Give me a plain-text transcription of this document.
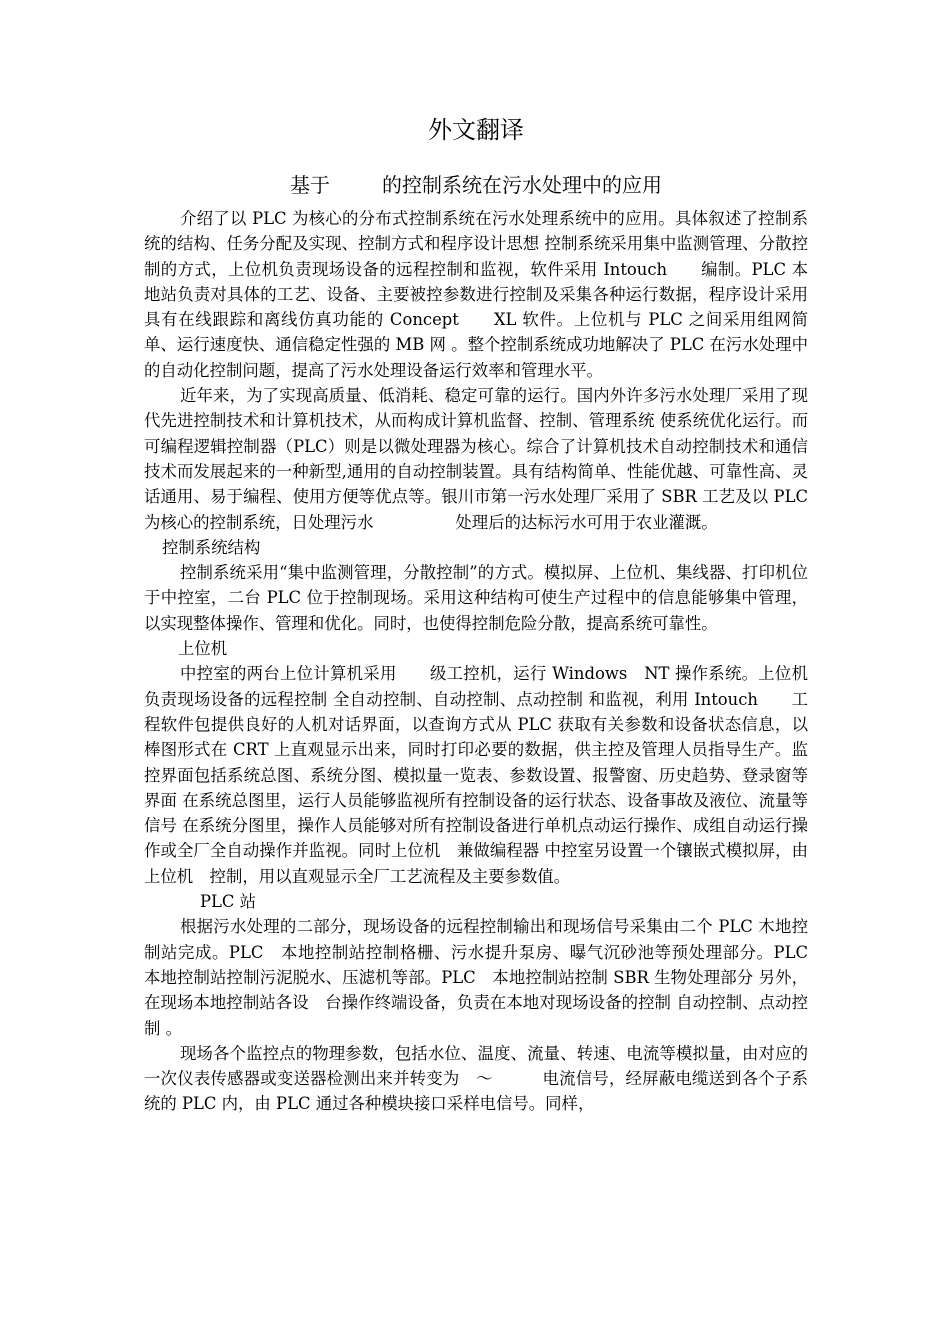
外文翻译
基于	的控制系统在污水处理中的应用

介绍了以 PLC 为核心的分布式控制系统在污水处理系统中的应用。具体叙述了控制系统的结构、任务分配及实现、控制方式和程序设计思想 控制系统采用集中监测管理、分散控制的方式，上位机负责现场设备的远程控制和监视，软件采用 Intouch　　编制。PLC 本地站负责对具体的工艺、设备、主要被控参数进行控制及采集各种运行数据，程序设计采用具有在线跟踪和离线仿真功能的 Concept　　XL 软件。上位机与 PLC 之间采用组网简单、运行速度快、通信稳定性强的 MB 网 。整个控制系统成功地解决了 PLC 在污水处理中的自动化控制问题，提高了污水处理设备运行效率和管理水平。

近年来，为了实现高质量、低消耗、稳定可靠的运行。国内外许多污水处理厂采用了现代先进控制技术和计算机技术，从而构成计算机监督、控制、管理系统 使系统优化运行。而可编程逻辑控制器（PLC）则是以微处理器为核心。综合了计算机技术自动控制技术和通信技术而发展起来的一种新型,通用的自动控制装置。具有结构简单、性能优越、可靠性高、灵话通用、易于编程、使用方便等优点等。银川市第一污水处理厂采用了 SBR 工艺及以 PLC 为核心的控制系统，日处理污水　　　　　处理后的达标污水可用于农业灌溉。

控制系统结构

控制系统采用“集中监测管理，分散控制”的方式。模拟屏、上位机、集线器、打印机位于中控室，二台 PLC 位于控制现场。采用这种结构可使生产过程中的信息能够集中管理，以实现整体操作、管理和优化。同时，也使得控制危险分散，提高系统可靠性。

上位机

中控室的两台上位计算机采用　　级工控机，运行 Windows　NT 操作系统。上位机负责现场设备的远程控制 全自动控制、自动控制、点动控制 和监视，利用 Intouch　　工程软件包提供良好的人机对话界面，以查询方式从 PLC 获取有关参数和设备状态信息，以棒图形式在 CRT 上直观显示出来，同时打印必要的数据，供主控及管理人员指导生产。监控界面包括系统总图、系统分图、模拟量一览表、参数设置、报警窗、历史趋势、登录窗等界面 在系统总图里，运行人员能够监视所有控制设备的运行状态、设备事故及液位、流量等信号 在系统分图里，操作人员能够对所有控制设备进行单机点动运行操作、成组自动运行操作或全厂全自动操作并监视。同时上位机　兼做编程器 中控室另设置一个镶嵌式模拟屏，由上位机　控制，用以直观显示全厂工艺流程及主要参数值。

PLC 站

根据污水处理的二部分，现场设备的远程控制输出和现场信号采集由二个 PLC 木地控制站完成。PLC　本地控制站控制格栅、污水提升泵房、曝气沉砂池等预处理部分。PLC　本地控制站控制污泥脱水、压滤机等部。PLC　本地控制站控制 SBR 生物处理部分 另外，在现场本地控制站各设　台操作终端设备，负责在本地对现场设备的控制 自动控制、点动控制 。

现场各个监控点的物理参数，包括水位、温度、流量、转速、电流等模拟量，由对应的一次仪表传感器或变送器检测出来并转变为　～　　　电流信号，经屏蔽电缆送到各个子系统的 PLC 内，由 PLC 通过各种模块接口采样电信号。同样，
